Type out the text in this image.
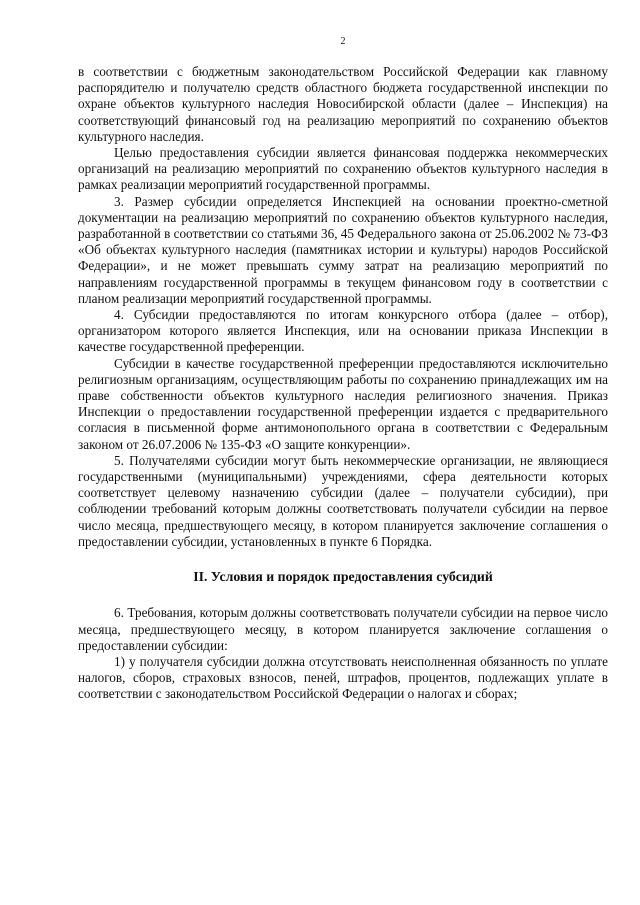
2

в соответствии с бюджетным законодательством Российской Федерации как главному распорядителю и получателю средств областного бюджета государственной инспекции по охране объектов культурного наследия Новосибирской области (далее – Инспекция) на соответствующий финансовый год на реализацию мероприятий по сохранению объектов культурного наследия.

Целью предоставления субсидии является финансовая поддержка некоммерческих организаций на реализацию мероприятий по сохранению объектов культурного наследия в рамках реализации мероприятий государственной программы.

3. Размер субсидии определяется Инспекцией на основании проектно-сметной документации на реализацию мероприятий по сохранению объектов культурного наследия, разработанной в соответствии со статьями 36, 45 Федерального закона от 25.06.2002 № 73-ФЗ «Об объектах культурного наследия (памятниках истории и культуры) народов Российской Федерации», и не может превышать сумму затрат на реализацию мероприятий по направлениям государственной программы в текущем финансовом году в соответствии с планом реализации мероприятий государственной программы.

4. Субсидии предоставляются по итогам конкурсного отбора (далее – отбор), организатором которого является Инспекция, или на основании приказа Инспекции в качестве государственной преференции.

Субсидии в качестве государственной преференции предоставляются исключительно религиозным организациям, осуществляющим работы по сохранению принадлежащих им на праве собственности объектов культурного наследия религиозного значения. Приказ Инспекции о предоставлении государственной преференции издается с предварительного согласия в письменной форме антимонопольного органа в соответствии с Федеральным законом от 26.07.2006 № 135-ФЗ «О защите конкуренции».

5. Получателями субсидии могут быть некоммерческие организации, не являющиеся государственными (муниципальными) учреждениями, сфера деятельности которых соответствует целевому назначению субсидии (далее – получатели субсидии), при соблюдении требований которым должны соответствовать получатели субсидии на первое число месяца, предшествующего месяцу, в котором планируется заключение соглашения о предоставлении субсидии, установленных в пункте 6 Порядка.

II. Условия и порядок предоставления субсидий

6. Требования, которым должны соответствовать получатели субсидии на первое число месяца, предшествующего месяцу, в котором планируется заключение соглашения о предоставлении субсидии:

1) у получателя субсидии должна отсутствовать неисполненная обязанность по уплате налогов, сборов, страховых взносов, пеней, штрафов, процентов, подлежащих уплате в соответствии с законодательством Российской Федерации о налогах и сборах;
